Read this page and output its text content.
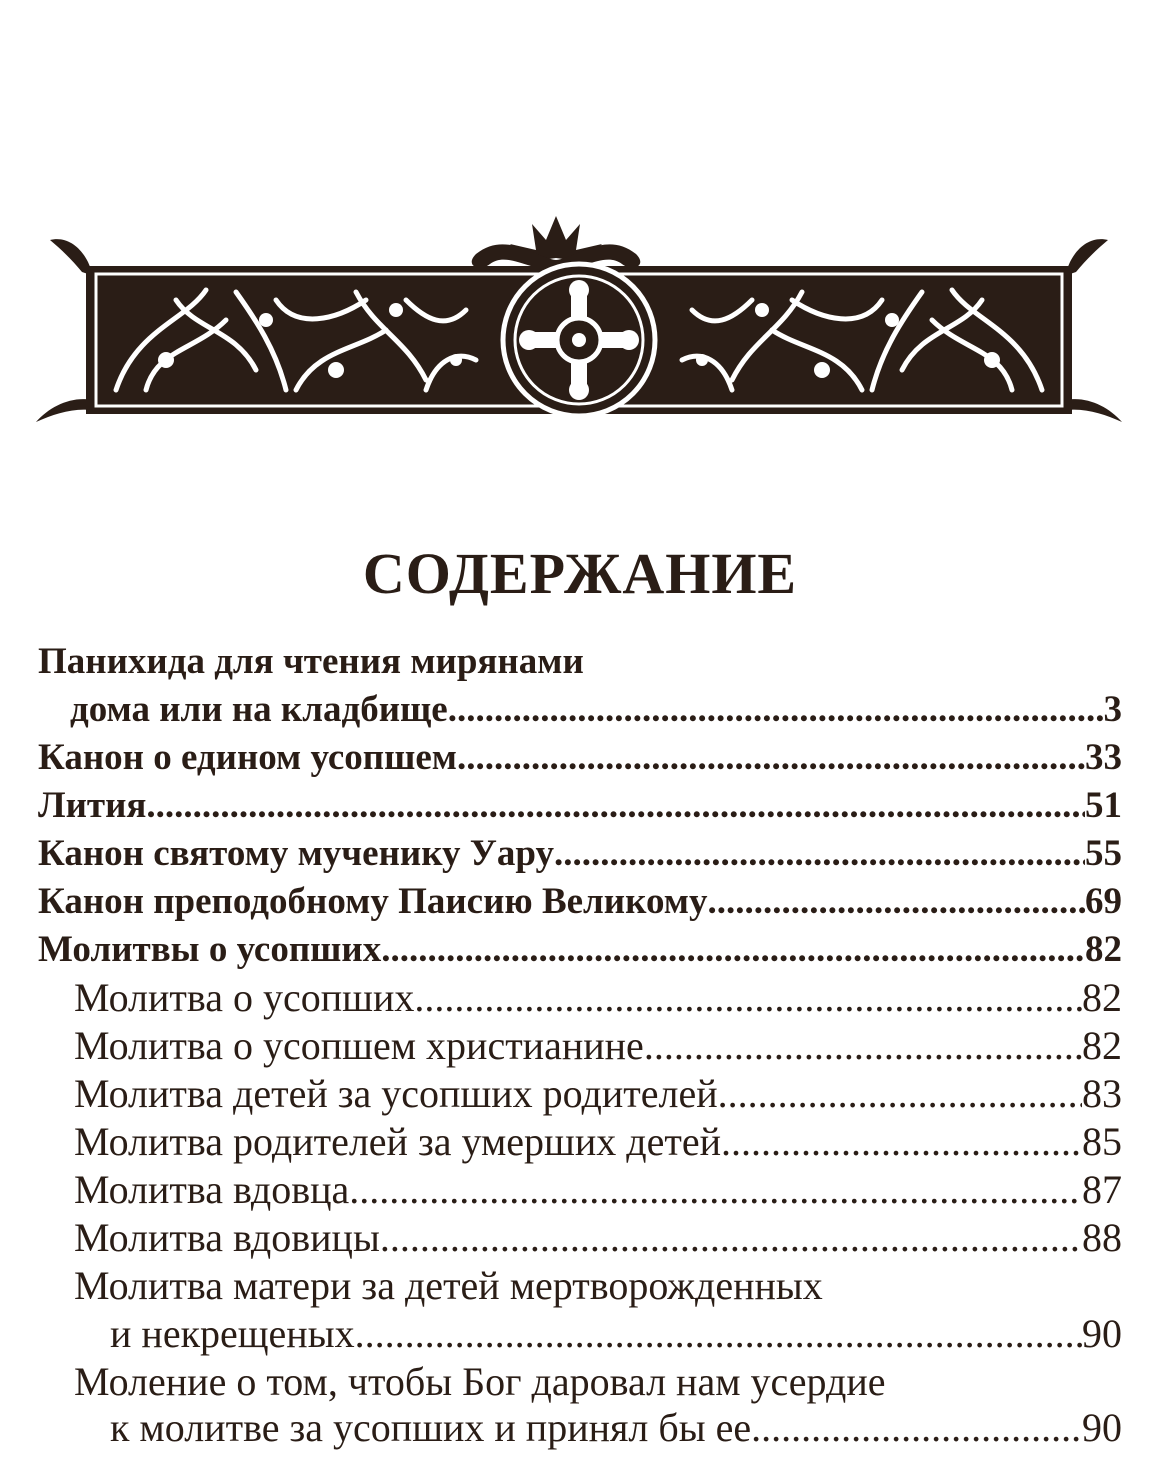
СОДЕРЖАНИЕ
Панихида для чтения мирянами
дома или на кладбище .....	3
Канон о едином усопшем .....	33
Лития .....	51
Канон святому мученику Уару .....	55
Канон преподобному Паисию Великому .....	69
Молитвы о усопших .....	82
Молитва о усопших .....	82
Молитва о усопшем христианине .....	82
Молитва детей за усопших родителей .....	83
Молитва родителей за умерших детей .....	85
Молитва вдовца .....	87
Молитва вдовицы .....	88
Молитва матери за детей мертворожденных
и некрещеных .....	90
Моление о том, чтобы Бог даровал нам усердие
к молитве за усопших и принял бы ее .....	90
